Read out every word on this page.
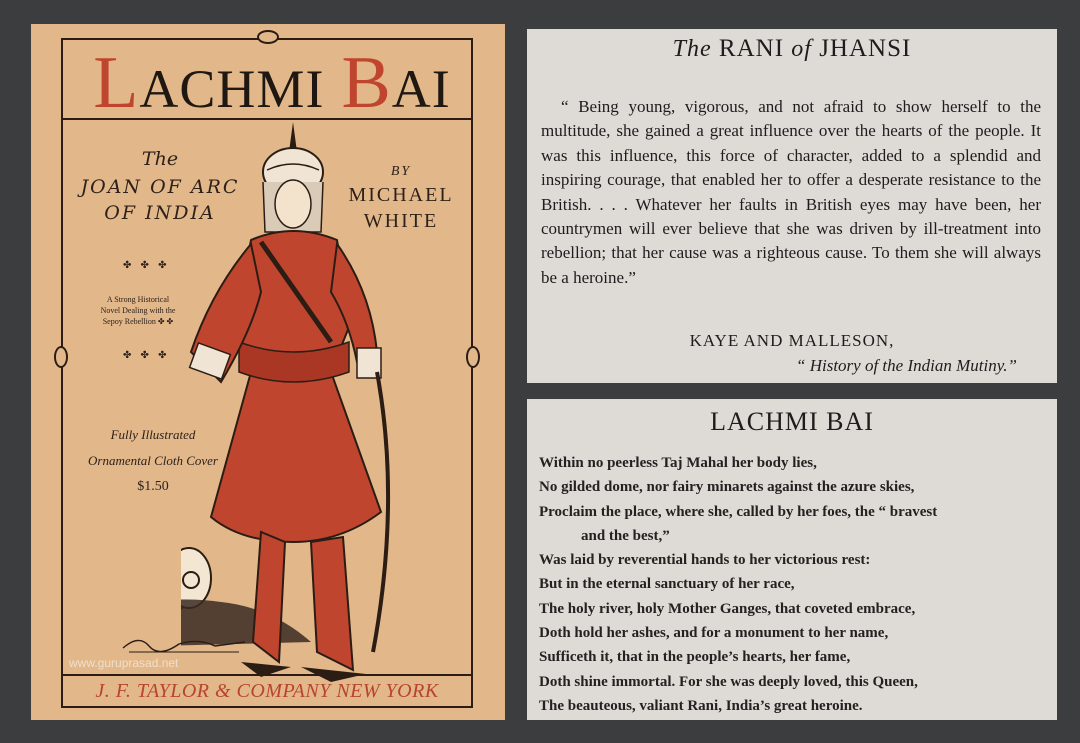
LACHMI BAI
The
JOAN OF ARC
OF INDIA
BY
MICHAEL
WHITE
✤ ✤ ✤
A Strong Historical
Novel Dealing with the
Sepoy Rebellion ✤ ✤
✤ ✤ ✤
Fully Illustrated
Ornamental Cloth Cover
$1.50
www.guruprasad.net
J. F. TAYLOR & COMPANY NEW YORK
The RANI of JHANSI

“ Being young, vigorous, and not afraid to show herself to the multitude, she gained a great influence over the hearts of the people. It was this influence, this force of character, added to a splendid and inspiring courage, that enabled her to offer a desperate resistance to the British. . . . Whatever her faults in British eyes may have been, her countrymen will ever believe that she was driven by ill-treatment into rebellion; that her cause was a righteous cause. To them she will always be a heroine.”

KAYE AND MALLESON,
“ History of the Indian Mutiny.”
LACHMI BAI
Within no peerless Taj Mahal her body lies,
No gilded dome, nor fairy minarets against the azure skies,
Proclaim the place, where she, called by her foes, the “ bravest
and the best,”
Was laid by reverential hands to her victorious rest:
But in the eternal sanctuary of her race,
The holy river, holy Mother Ganges, that coveted embrace,
Doth hold her ashes, and for a monument to her name,
Sufficeth it, that in the people’s hearts, her fame,
Doth shine immortal. For she was deeply loved, this Queen,
The beauteous, valiant Rani, India’s great heroine.
